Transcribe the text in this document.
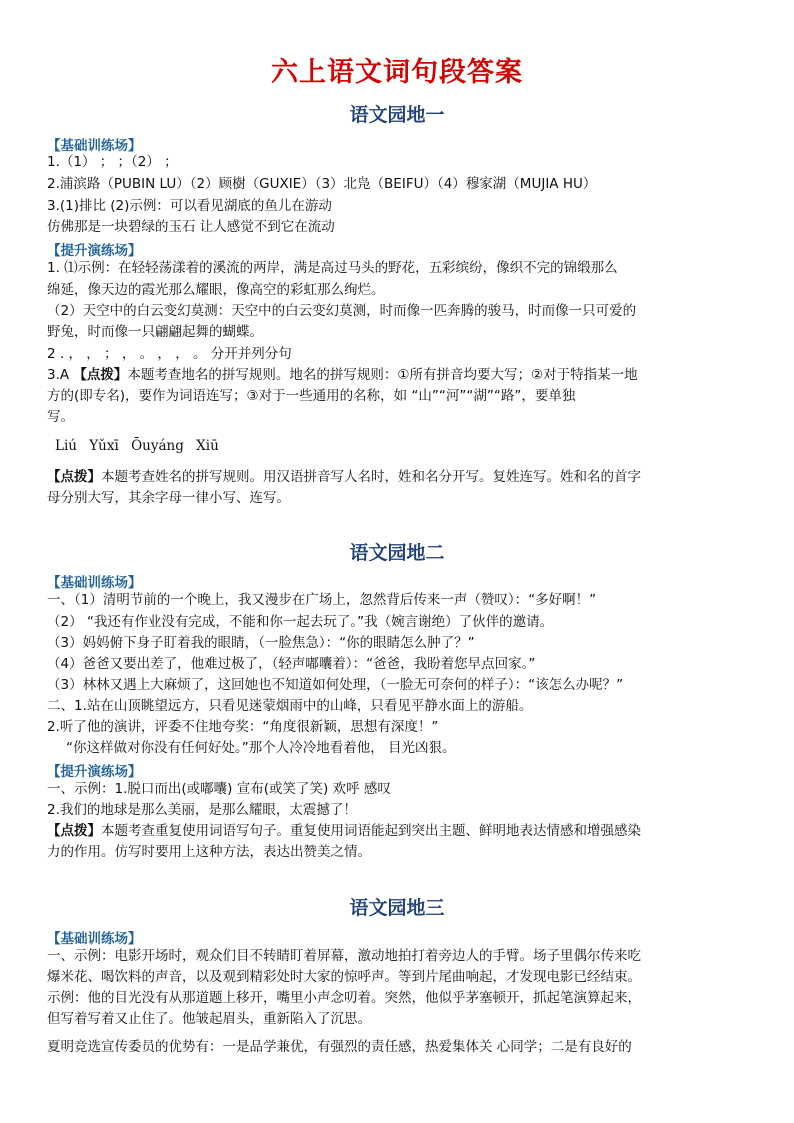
六上语文词句段答案
语文园地一
【基础训练场】
1.（1） ； ；（2） ；
2.浦滨路（PUBIN LU）（2）顾樹（GUXIE）（3）北凫（BEIFU）（4）穆家湖（MUJIA HU）
3.(1)排比 (2)示例：可以看见湖底的鱼儿在游动
仿佛那是一块碧绿的玉石 让人感觉不到它在流动
【提升演练场】
1. ⑴示例：在轻轻荡漾着的溪流的两岸，满是高过马头的野花，五彩缤纷，像织不完的锦缎那么
绵延，像天边的霞光那么耀眼，像高空的彩虹那么绚烂。
（2）天空中的白云变幻莫测：天空中的白云变幻莫测，时而像一匹奔腾的骏马，时而像一只可爱的
野兔，时而像一只翩翩起舞的蝴蝶。
2 . ， ， ； ， 。 ， ， 。 分开并列分句
3.A 【点拨】本题考查地名的拼写规则。地名的拼写规则：①所有拼音均要大写；②对于特指某一地
方的(即专名)，要作为词语连写；③对于一些通用的名称，如 “山”“河”“湖”“路”，要单独
写。
Liú Yǔxī Ōuyáng Xiū
【点拨】本题考查姓名的拼写规则。用汉语拼音写人名时，姓和名分开写。复姓连写。姓和名的首字
母分别大写，其余字母一律小写、连写。
语文园地二
【基础训练场】
一、（1）清明节前的一个晚上，我又漫步在广场上，忽然背后传来一声（赞叹）：“多好啊！”
（2） “我还有作业没有完成，不能和你一起去玩了。”我（婉言谢绝）了伙伴的邀请。
（3）妈妈俯下身子盯着我的眼睛，（一脸焦急）：“你的眼睛怎么肿了？”
（4）爸爸又要出差了，他难过极了，（轻声嘟囔着）：“爸爸，我盼着您早点回家。”
（3）林林又遇上大麻烦了，这回她也不知道如何处理，（一脸无可奈何的样子）：“该怎么办呢？”
二、1.站在山顶眺望远方，只看见迷蒙烟雨中的山峰，只看见平静水面上的游船。
2.听了他的演讲，评委不住地夸奖：“角度很新颖，思想有深度！”
“你这样做对你没有任何好处。”那个人冷冷地看着他， 目光凶狠。
【提升演练场】
一、示例：1.脱口而出(或嘟囔) 宣布(或笑了笑) 欢呼 感叹
2.我们的地球是那么美丽，是那么耀眼，太震撼了！
【点拨】本题考查重复使用词语写句子。重复使用词语能起到突出主题、鲜明地表达情感和增强感染
力的作用。仿写时要用上这种方法，表达出赞美之情。
语文园地三
【基础训练场】
一、示例：电影开场时，观众们目不转睛盯着屏幕，激动地拍打着旁边人的手臂。场子里偶尔传来吃
爆米花、喝饮料的声音，以及观到精彩处时大家的惊呼声。等到片尾曲响起，才发现电影已经结束。
示例：他的目光没有从那道题上移开，嘴里小声念叨着。突然，他似乎茅塞顿开，抓起笔演算起来，
但写着写着又止住了。他皱起眉头，重新陷入了沉思。
夏明竞选宣传委员的优势有：一是品学兼优，有强烈的责任感，热爱集体关 心同学；二是有良好的
